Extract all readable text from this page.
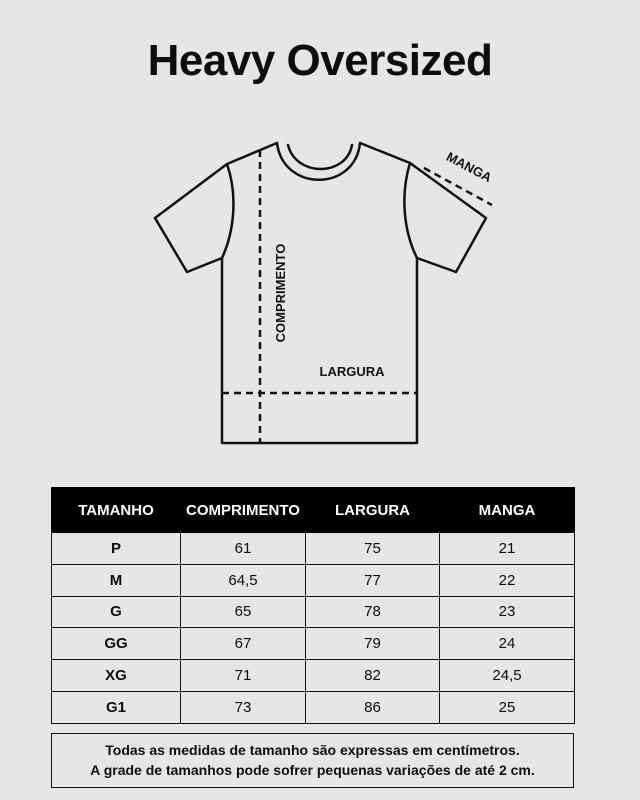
Heavy Oversized
COMPRIMENTO
LARGURA
MANGA
TAMANHO	COMPRIMENTO	LARGURA	MANGA
P	61	75	21
M	64,5	77	22
G	65	78	23
GG	67	79	24
XG	71	82	24,5
G1	73	86	25
Todas as medidas de tamanho são expressas em centímetros.
A grade de tamanhos pode sofrer pequenas variações de até 2 cm.
